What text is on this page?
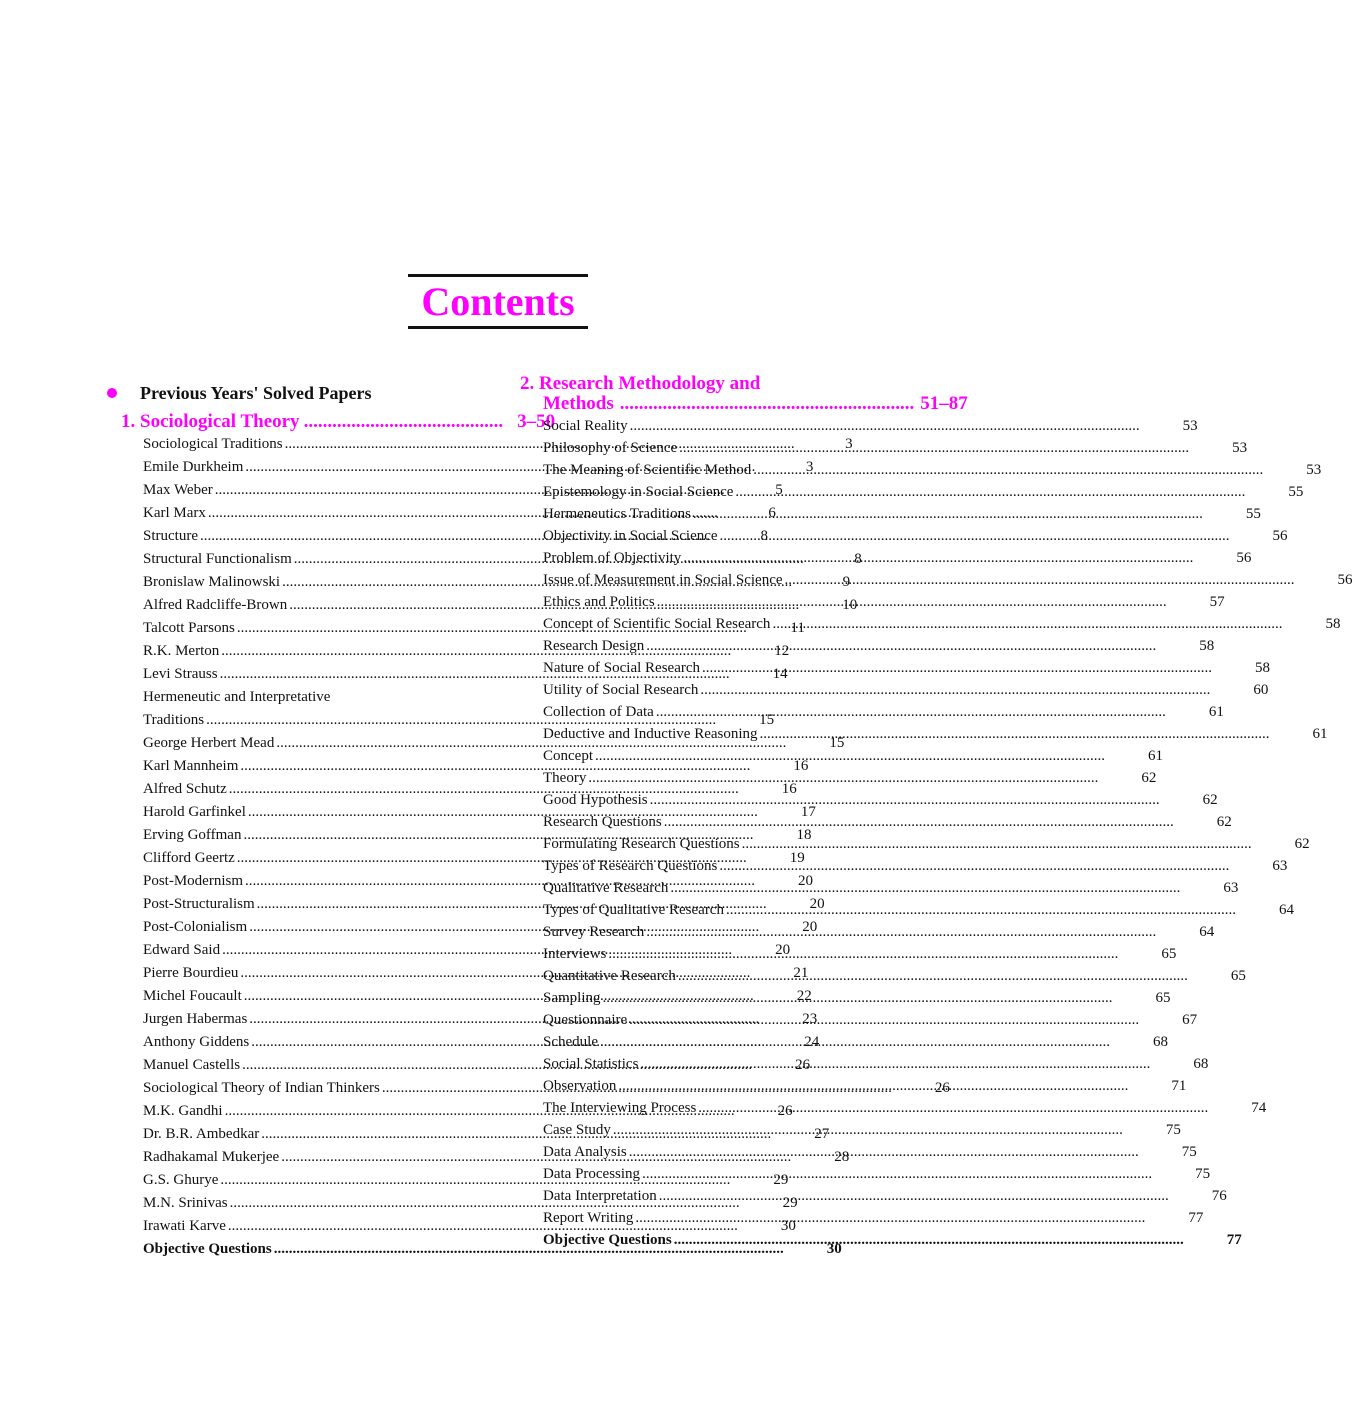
Contents
Previous Years' Solved Papers
1.
Sociological Theory .......................................... 3–50
2. Research Methodology and
Methods .............................................................. 51–87
Sociological Traditions .....	3
Emile Durkheim .....	3
Max Weber .....	5
Karl Marx .....	6
Structure .....	8
Structural Functionalism .....	8
Bronislaw Malinowski .....	9
Alfred Radcliffe-Brown .....	10
Talcott Parsons .....	11
R.K. Merton .....	12
Levi Strauss .....	14
Hermeneutic and Interpretative
Traditions .....	15
George Herbert Mead .....	15
Karl Mannheim .....	16
Alfred Schutz .....	16
Harold Garfinkel .....	17
Erving Goffman .....	18
Clifford Geertz .....	19
Post-Modernism .....	20
Post-Structuralism .....	20
Post-Colonialism .....	20
Edward Said .....	20
Pierre Bourdieu .....	21
Michel Foucault .....	22
Jurgen Habermas .....	23
Anthony Giddens .....	24
Manuel Castells .....	26
Sociological Theory of Indian Thinkers .....	26
M.K. Gandhi .....	26
Dr. B.R. Ambedkar .....	27
Radhakamal Mukerjee .....	28
G.S. Ghurye .....	29
M.N. Srinivas .....	29
Irawati Karve .....	30
Objective Questions .....	30
Social Reality .....	53
Philosophy of Science .....	53
The Meaning of Scientific Method .....	53
Epistemology in Social Science .....	55
Hermeneutics Traditions .....	55
Objectivity in Social Science .....	56
Problem of Objectivity .....	56
Issue of Measurement in Social Science .....	56
Ethics and Politics .....	57
Concept of Scientific Social Research .....	58
Research Design .....	58
Nature of Social Research .....	58
Utility of Social Research .....	60
Collection of Data .....	61
Deductive and Inductive Reasoning .....	61
Concept .....	61
Theory .....	62
Good Hypothesis .....	62
Research Questions .....	62
Formulating Research Questions .....	62
Types of Research Questions .....	63
Qualitative Research .....	63
Types of Qualitative Research .....	64
Survey Research .....	64
Interviews .....	65
Quantitative Research .....	65
Sampling .....	65
Questionnaire .....	67
Schedule .....	68
Social Statistics .....	68
Observation .....	71
The Interviewing Process .....	74
Case Study .....	75
Data Analysis .....	75
Data Processing .....	75
Data Interpretation .....	76
Report Writing .....	77
Objective Questions .....	77
